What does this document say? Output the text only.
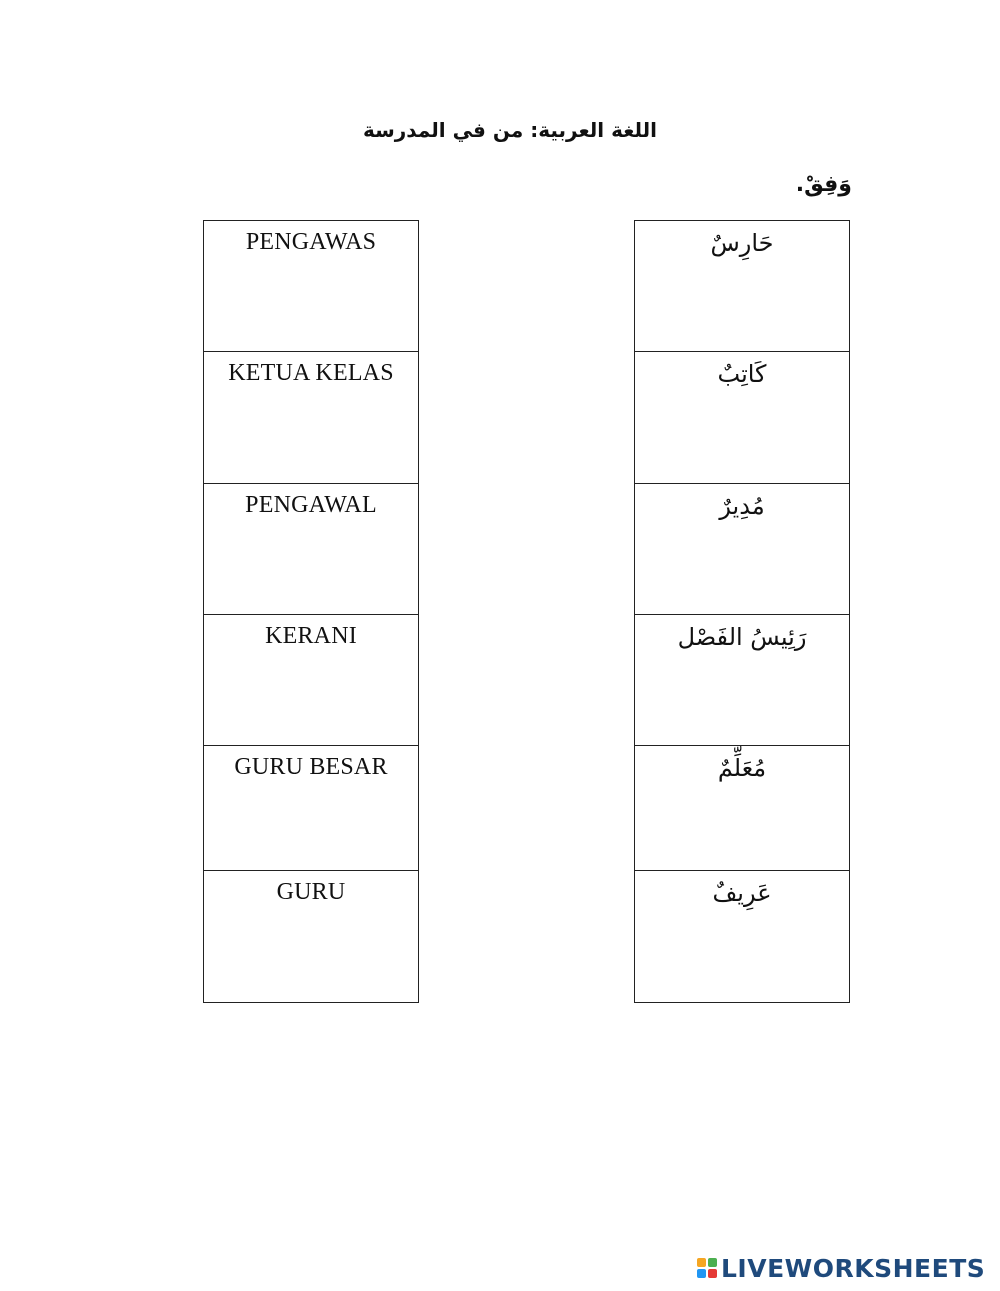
اللغة العربية: من في المدرسة
وَفِقْ.
PENGAWAS
KETUA KELAS
PENGAWAL
KERANI
GURU BESAR
GURU
حَارِسٌ
كَاتِبٌ
مُدِيرٌ
رَئِيسُ الفَصْل
مُعَلِّمٌ
عَرِيفٌ
LIVEWORKSHEETS
